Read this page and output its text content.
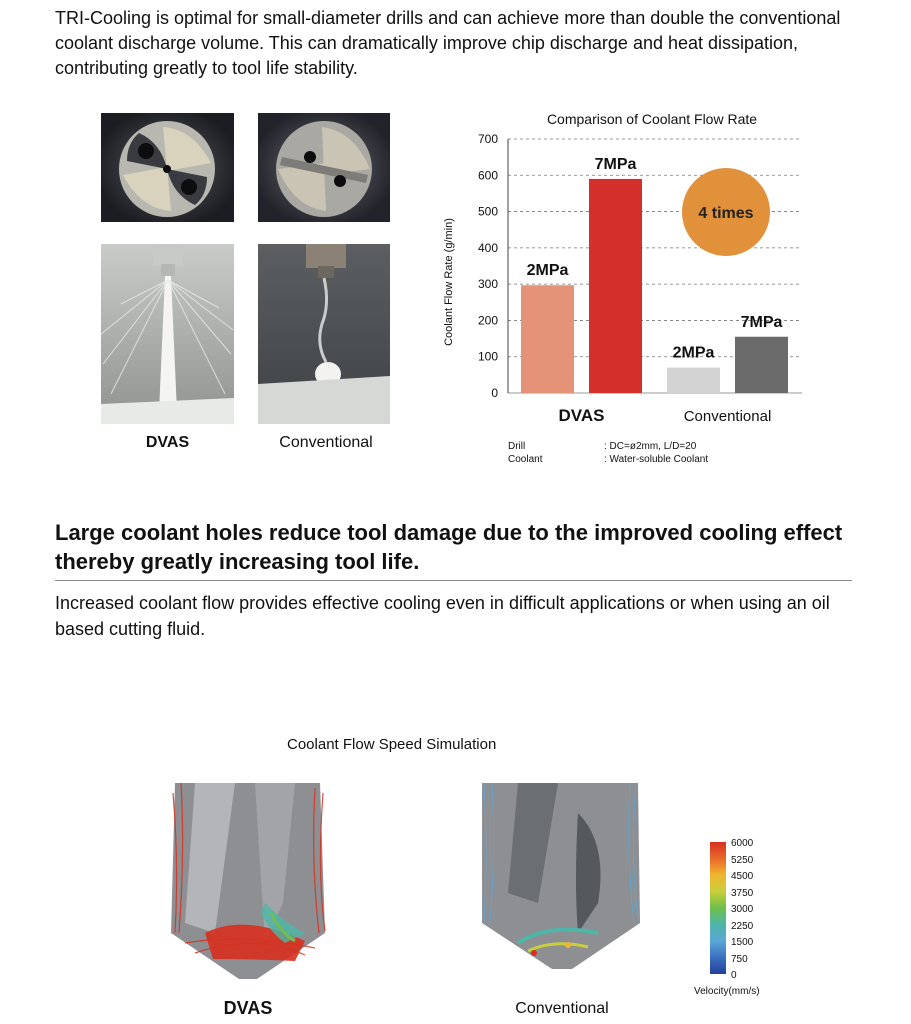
TRI-Cooling is optimal for small-diameter drills and can achieve more than double the conventional coolant discharge volume. This can dramatically improve chip discharge and heat dissipation, contributing greatly to tool life stability.

DVAS	Conventional
Comparison of Coolant Flow Rate
Coolant Flow Rate (g/min)
0
100
200
300
400
500
600
700
2MPa
7MPa
2MPa
7MPa
DVAS	Conventional
4 times
Drill	: DC=ø2mm, L/D=20
Coolant	: Water-soluble Coolant
Large coolant holes reduce tool damage due to the improved cooling effect thereby greatly increasing tool life.

Increased coolant flow provides effective cooling even in difficult applications or when using an oil based cutting fluid.

Coolant Flow Speed Simulation
DVAS	Conventional
6000
5250
4500
3750
3000
2250
1500
750
0
Velocity(mm/s)
